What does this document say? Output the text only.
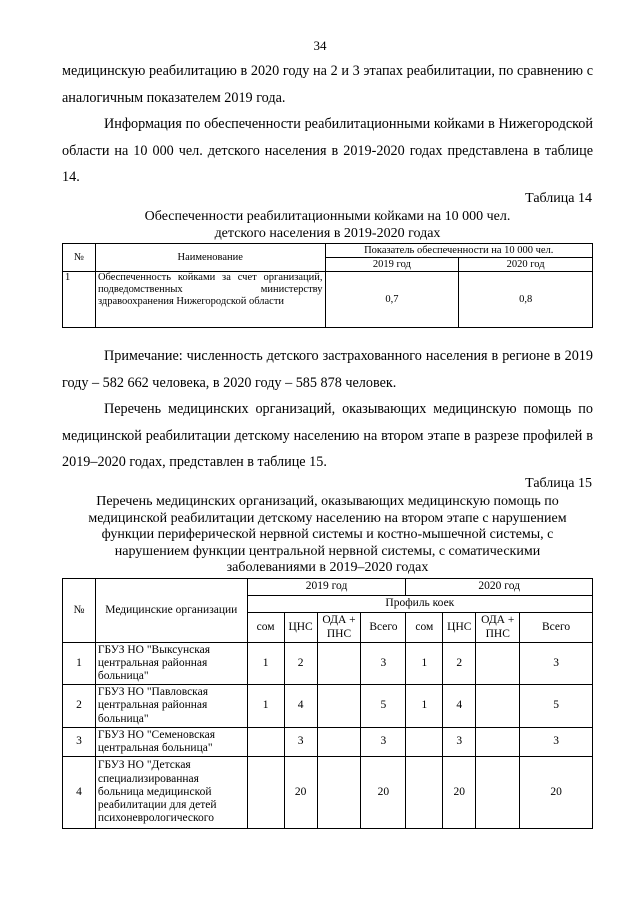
34
медицинскую реабилитацию в 2020 году на 2 и 3 этапах реабилитации, по сравнению с аналогичным показателем 2019 года.
Информация по обеспеченности реабилитационными койками в Нижегородской области на 10 000 чел. детского населения в 2019-2020 годах представлена в таблице 14.
Таблица 14
Обеспеченности реабилитационными койками на 10 000 чел.
детского населения в 2019-2020 годах
№	Наименование	Показатель обеспеченности на 10 000 чел.	
		2019 год	2020 год
1	Обеспеченность койками за счет организаций, подведомственных министерству здравоохранения Нижегородской области	0,7	0,8
Примечание: численность детского застрахованного населения в регионе в 2019 году – 582 662 человека, в 2020 году – 585 878 человек.
Перечень медицинских организаций, оказывающих медицинскую помощь по медицинской реабилитации детскому населению на втором этапе в разрезе профилей в 2019–2020 годах, представлен в таблице 15.
Таблица 15
Перечень медицинских организаций, оказывающих медицинскую помощь по
медицинской реабилитации детскому населению на втором этапе с нарушением
функции периферической нервной системы и костно-мышечной системы, с
нарушением функции центральной нервной системы, с соматическими
заболеваниями в 2019–2020 годах
№	Медицинские организации	2019 год				2020 год			
		Профиль коек							
		сом	ЦНС	ОДА + ПНС	Всего	сом	ЦНС	ОДА + ПНС	Всего
1	ГБУЗ НО "Выксунская центральная районная больница"	1	2		3	1	2		3
2	ГБУЗ НО "Павловская центральная районная больница"	1	4		5	1	4		5
3	ГБУЗ НО "Семеновская центральная больница"		3		3		3		3
4	ГБУЗ НО "Детская специализированная больница медицинской реабилитации для детей психоневрологического		20		20		20		20
